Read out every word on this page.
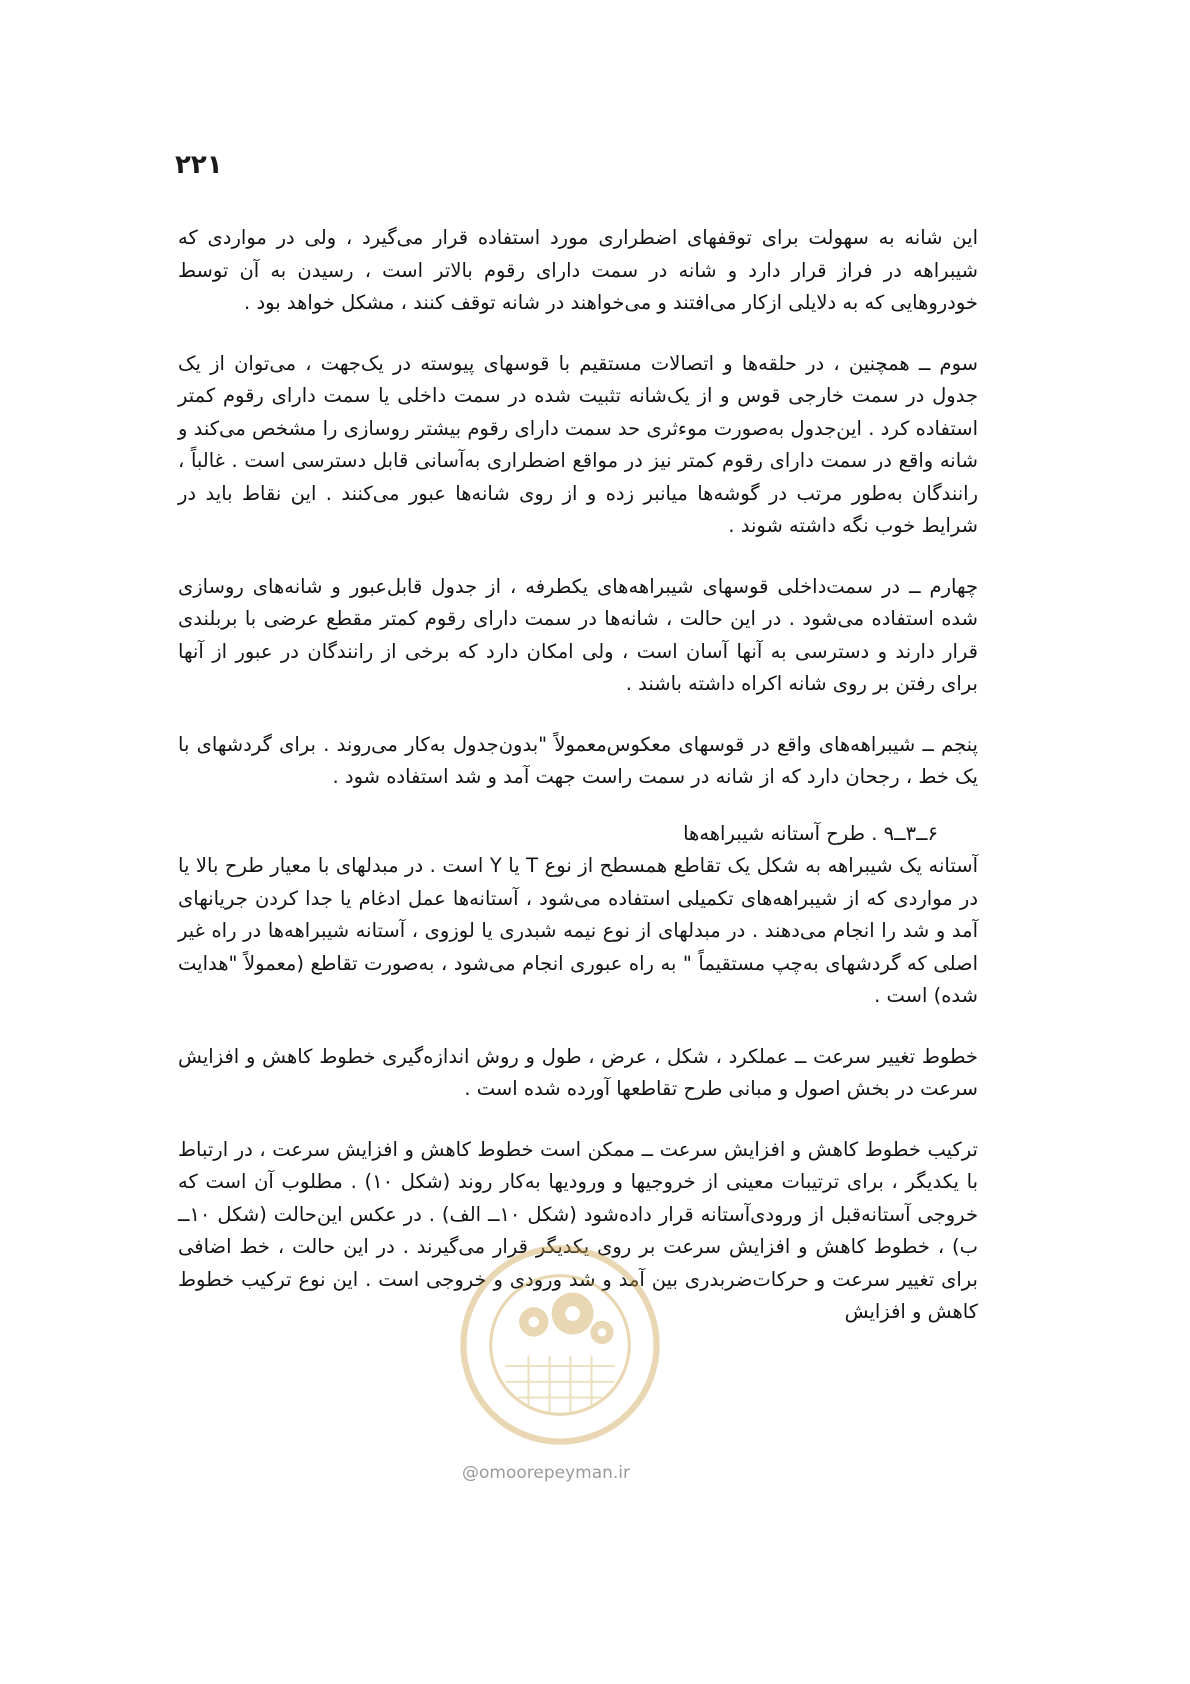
۲۲۱

این شانه به سهولت برای توقفهای اضطراری مورد استفاده قرار می‌گیرد ، ولی در مواردی که شیبراهه در فراز قرار دارد و شانه در سمت دارای رقوم بالاتر است ، رسیدن به آن توسط خودروهایی که به دلایلی ازکار می‌افتند و می‌خواهند در شانه توقف کنند ، مشکل خواهد بود .

سوم ــ همچنین ، در حلقه‌ها و اتصالات مستقیم با قوسهای پیوسته در یک‌جهت ، می‌توان از یک جدول در سمت خارجی قوس و از یک‌شانه تثبیت شده در سمت داخلی یا سمت دارای رقوم کمتر استفاده کرد . این‌جدول به‌صورت موءثری حد سمت دارای رقوم بیشتر روسازی را مشخص می‌کند و شانه واقع در سمت دارای رقوم کمتر نیز در مواقع اضطراری به‌آسانی قابل دسترسی است . غالباً ، رانندگان به‌طور مرتب در گوشه‌ها میانبر زده و از روی شانه‌ها عبور می‌کنند . این نقاط باید در شرایط خوب نگه داشته شوند .

چهارم ــ در سمت‌داخلی قوسهای شیبراهه‌های یکطرفه ، از جدول قابل‌عبور و شانه‌های روسازی شده استفاده می‌شود . در این حالت ، شانه‌ها در سمت دارای رقوم کمتر مقطع عرضی با بربلندی قرار دارند و دسترسی به آنها آسان است ، ولی امکان دارد که برخی از رانندگان در عبور از آنها برای رفتن بر روی شانه اکراه داشته باشند .

پنجم ــ شیبراهه‌های واقع در قوسهای معکوس‌معمولاً "بدون‌جدول به‌کار می‌روند . برای گردشهای با یک خط ، رجحان دارد که از شانه در سمت راست جهت آمد و شد استفاده شود .

۶ــ۳ــ۹ . طرح آستانه شیبراهه‌ها

آستانه یک شیبراهه به شکل یک تقاطع همسطح از نوع T یا Y است . در مبدلهای با معیار طرح بالا یا در مواردی که از شیبراهه‌های تکمیلی استفاده می‌شود ، آستانه‌ها عمل ادغام یا جدا کردن جریانهای آمد و شد را انجام می‌دهند . در مبدلهای از نوع نیمه شبدری یا لوزوی ، آستانه شیبراهه‌ها در راه غیر اصلی که گردشهای به‌چپ مستقیماً " به راه عبوری انجام می‌شود ، به‌صورت تقاطع (معمولاً "هدایت شده) است .

خطوط تغییر سرعت ــ عملکرد ، شکل ، عرض ، طول و روش اندازه‌گیری خطوط کاهش و افزایش سرعت در بخش اصول و مبانی طرح تقاطعها آورده شده است .

ترکیب خطوط کاهش و افزایش سرعت ــ ممکن است خطوط کاهش و افزایش سرعت ، در ارتباط با یکدیگر ، برای ترتیبات معینی از خروجیها و ورودیها به‌کار روند (شکل ۱۰) . مطلوب آن است که خروجی آستانه‌قبل از ورودی‌آستانه قرار داده‌شود (شکل ۱۰ــ الف) . در عکس این‌حالت (شکل ۱۰ــ ب) ، خطوط کاهش و افزایش سرعت بر روی یکدیگر قرار می‌گیرند . در این حالت ، خط اضافی برای تغییر سرعت و حرکات‌ضربدری بین آمد و شد ورودی و خروجی است . این نوع ترکیب خطوط کاهش و افزایش

@omoorepeyman.ir
